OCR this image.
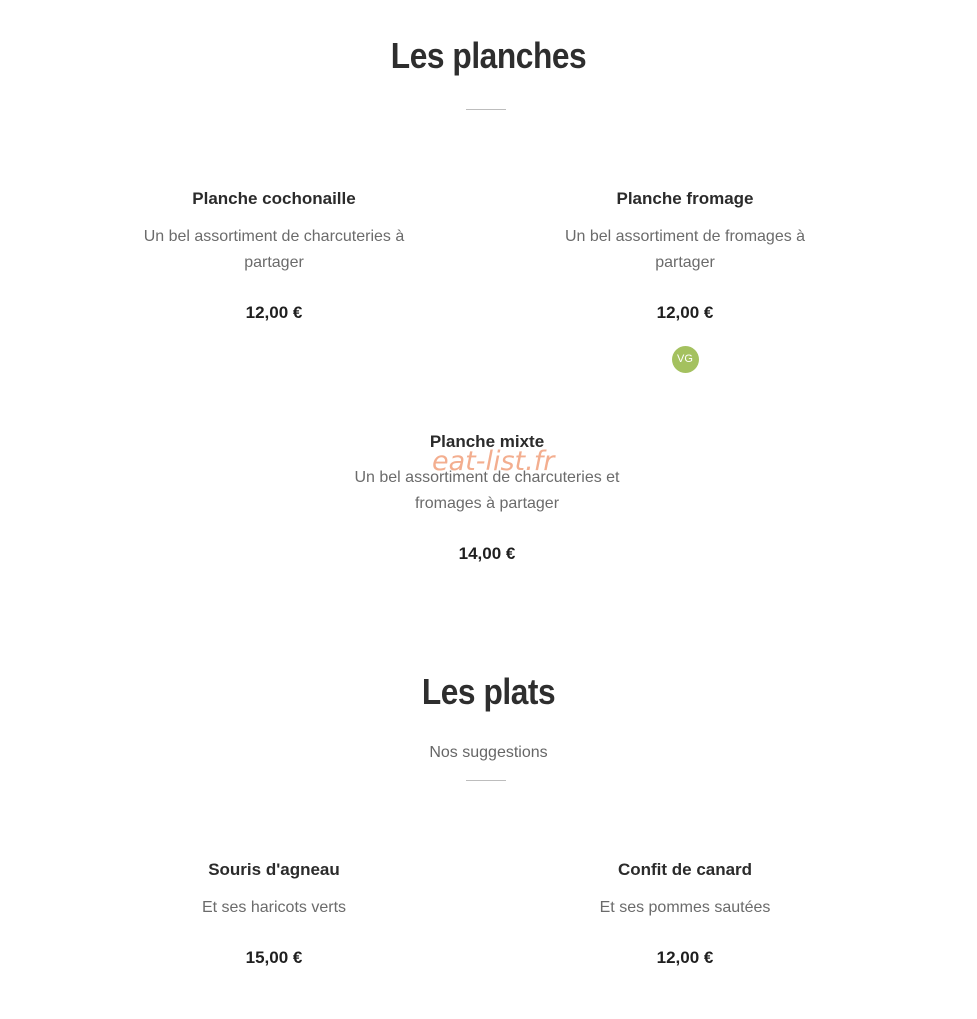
Les planches
Planche cochonaille
Un bel assortiment de charcuteries à partager
12,00 €
Planche fromage
Un bel assortiment de fromages à partager
12,00 €
VG
Planche mixte
Un bel assortiment de charcuteries et fromages à partager
14,00 €
eat-list.fr
Les plats
Nos suggestions
Souris d'agneau
Et ses haricots verts
15,00 €
Confit de canard
Et ses pommes sautées
12,00 €
